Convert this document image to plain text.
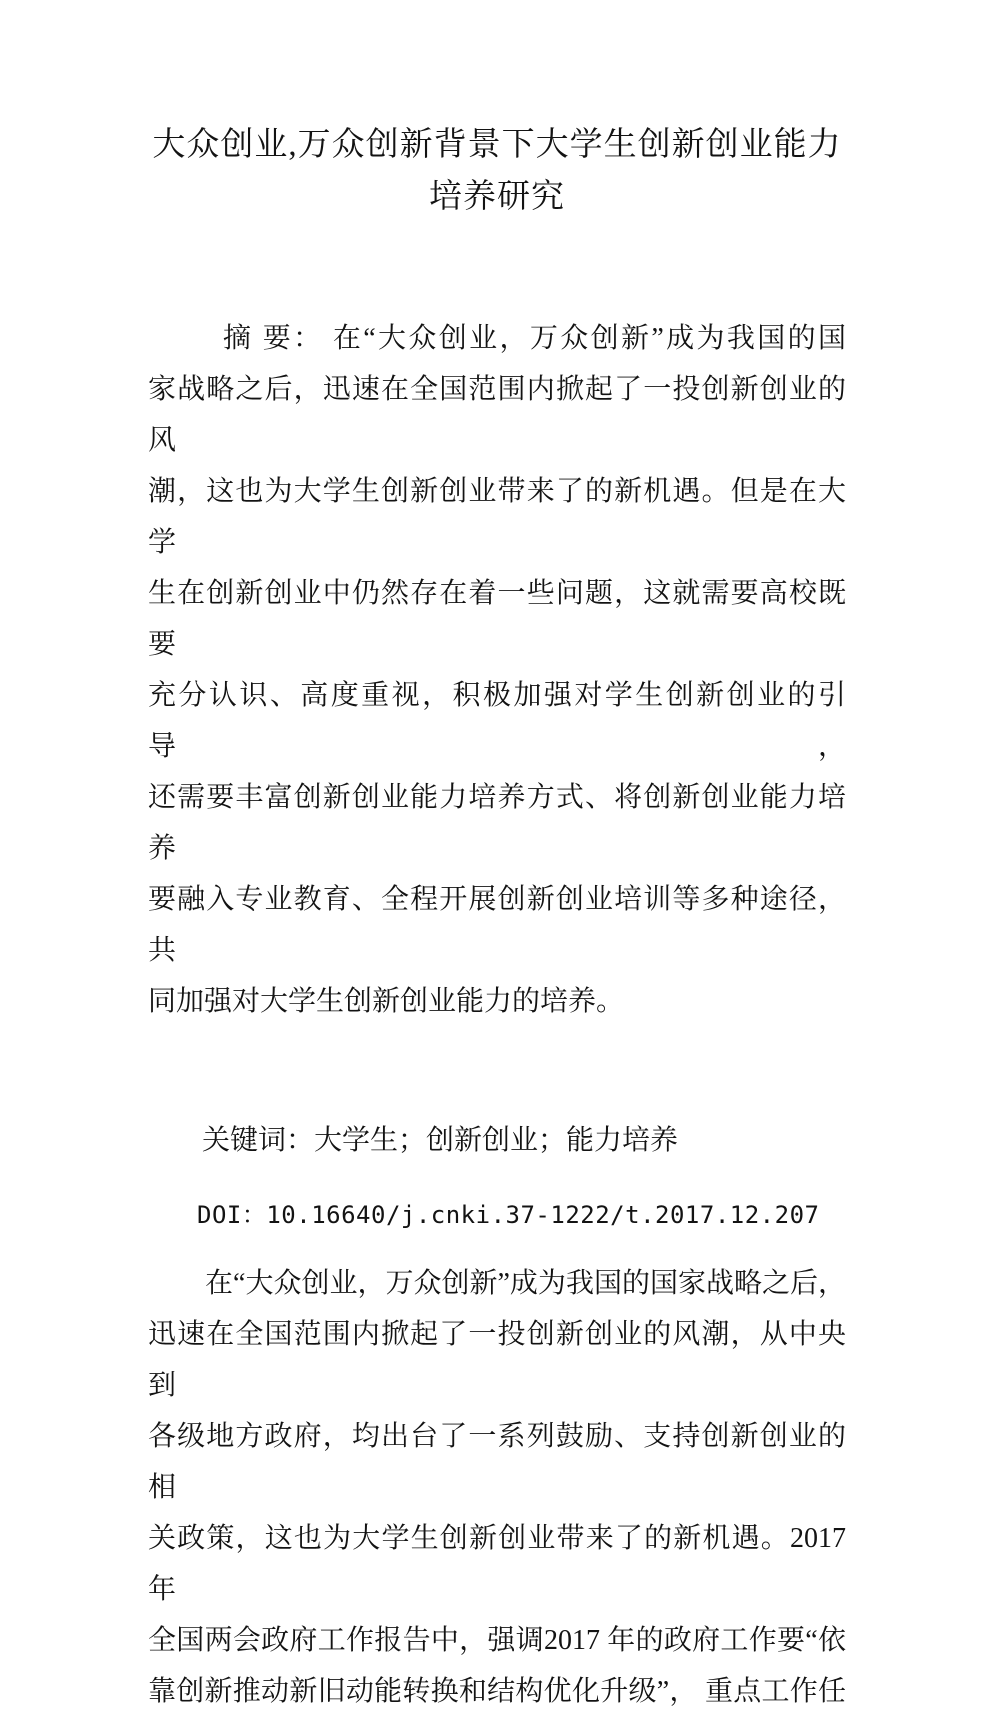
大众创业,万众创新背景下大学生创新创业能力
培养研究
摘 要： 在“大众创业，万众创新”成为我国的国
家战略之后，迅速在全国范围内掀起了一投创新创业的风
潮，这也为大学生创新创业带来了的新机遇。但是在大学
生在创新创业中仍然存在着一些问题，这就需要高校既要
充分认识、高度重视，积极加强对学生创新创业的引导，
还需要丰富创新创业能力培养方式、将创新创业能力培养
要融入专业教育、全程开展创新创业培训等多种途径，共
同加强对大学生创新创业能力的培养。
关键词：大学生；创新创业；能力培养
DOI：10.16640/j.cnki.37-1222/t.2017.12.207
在“大众创业，万众创新”成为我国的国家战略之后，
迅速在全国范围内掀起了一投创新创业的风潮，从中央到
各级地方政府，均出台了一系列鼓励、支持创新创业的相
关政策，这也为大学生创新创业带来了的新机遇。2017 年
全国两会政府工作报告中，强调2017 年的政府工作要“依
靠创新推动新旧动能转换和结构优化升级”， 重点工作任
